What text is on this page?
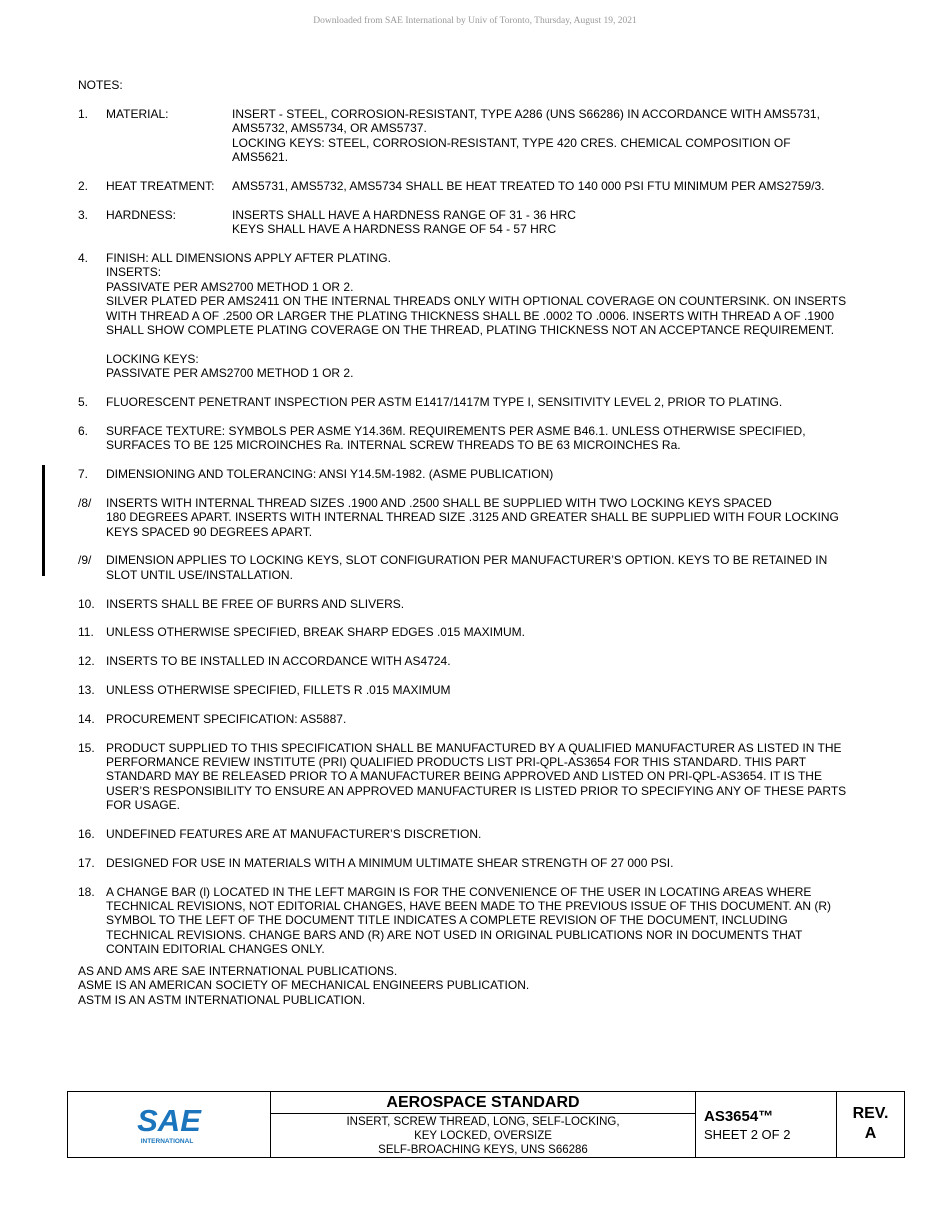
Downloaded from SAE International by Univ of Toronto, Thursday, August 19, 2021
NOTES:
1.	MATERIAL:	INSERT - STEEL, CORROSION-RESISTANT, TYPE A286 (UNS S66286) IN ACCORDANCE WITH AMS5731,
AMS5732, AMS5734, OR AMS5737.
LOCKING KEYS: STEEL, CORROSION-RESISTANT, TYPE 420 CRES. CHEMICAL COMPOSITION OF
AMS5621.
2.	HEAT TREATMENT:	AMS5731, AMS5732, AMS5734 SHALL BE HEAT TREATED TO 140 000 PSI FTU MINIMUM PER AMS2759/3.
3.	HARDNESS:	INSERTS SHALL HAVE A HARDNESS RANGE OF 31 - 36 HRC
KEYS SHALL HAVE A HARDNESS RANGE OF 54 - 57 HRC
4.	FINISH: ALL DIMENSIONS APPLY AFTER PLATING.
INSERTS:
PASSIVATE PER AMS2700 METHOD 1 OR 2.
SILVER PLATED PER AMS2411 ON THE INTERNAL THREADS ONLY WITH OPTIONAL COVERAGE ON COUNTERSINK. ON INSERTS
WITH THREAD A OF .2500 OR LARGER THE PLATING THICKNESS SHALL BE .0002 TO .0006. INSERTS WITH THREAD A OF .1900
SHALL SHOW COMPLETE PLATING COVERAGE ON THE THREAD, PLATING THICKNESS NOT AN ACCEPTANCE REQUIREMENT.
LOCKING KEYS:
PASSIVATE PER AMS2700 METHOD 1 OR 2.
5.	FLUORESCENT PENETRANT INSPECTION PER ASTM E1417/1417M TYPE I, SENSITIVITY LEVEL 2, PRIOR TO PLATING.
6.	SURFACE TEXTURE: SYMBOLS PER ASME Y14.36M. REQUIREMENTS PER ASME B46.1. UNLESS OTHERWISE SPECIFIED,
SURFACES TO BE 125 MICROINCHES Ra. INTERNAL SCREW THREADS TO BE 63 MICROINCHES Ra.
7.	DIMENSIONING AND TOLERANCING: ANSI Y14.5M-1982. (ASME PUBLICATION)
/8/	INSERTS WITH INTERNAL THREAD SIZES .1900 AND .2500 SHALL BE SUPPLIED WITH TWO LOCKING KEYS SPACED
180 DEGREES APART. INSERTS WITH INTERNAL THREAD SIZE .3125 AND GREATER SHALL BE SUPPLIED WITH FOUR LOCKING
KEYS SPACED 90 DEGREES APART.
/9/	DIMENSION APPLIES TO LOCKING KEYS, SLOT CONFIGURATION PER MANUFACTURER’S OPTION. KEYS TO BE RETAINED IN
SLOT UNTIL USE/INSTALLATION.
10. INSERTS SHALL BE FREE OF BURRS AND SLIVERS.
11.	UNLESS OTHERWISE SPECIFIED, BREAK SHARP EDGES .015 MAXIMUM.
12. INSERTS TO BE INSTALLED IN ACCORDANCE WITH AS4724.
13. UNLESS OTHERWISE SPECIFIED, FILLETS R .015 MAXIMUM
14. PROCUREMENT SPECIFICATION: AS5887.
15. PRODUCT SUPPLIED TO THIS SPECIFICATION SHALL BE MANUFACTURED BY A QUALIFIED MANUFACTURER AS LISTED IN THE
PERFORMANCE REVIEW INSTITUTE (PRI) QUALIFIED PRODUCTS LIST PRI-QPL-AS3654 FOR THIS STANDARD. THIS PART
STANDARD MAY BE RELEASED PRIOR TO A MANUFACTURER BEING APPROVED AND LISTED ON PRI-QPL-AS3654. IT IS THE
USER’S RESPONSIBILITY TO ENSURE AN APPROVED MANUFACTURER IS LISTED PRIOR TO SPECIFYING ANY OF THESE PARTS
FOR USAGE.
16. UNDEFINED FEATURES ARE AT MANUFACTURER’S DISCRETION.
17. DESIGNED FOR USE IN MATERIALS WITH A MINIMUM ULTIMATE SHEAR STRENGTH OF 27 000 PSI.
18. A CHANGE BAR (l) LOCATED IN THE LEFT MARGIN IS FOR THE CONVENIENCE OF THE USER IN LOCATING AREAS WHERE
TECHNICAL REVISIONS, NOT EDITORIAL CHANGES, HAVE BEEN MADE TO THE PREVIOUS ISSUE OF THIS DOCUMENT. AN (R)
SYMBOL TO THE LEFT OF THE DOCUMENT TITLE INDICATES A COMPLETE REVISION OF THE DOCUMENT, INCLUDING
TECHNICAL REVISIONS. CHANGE BARS AND (R) ARE NOT USED IN ORIGINAL PUBLICATIONS NOR IN DOCUMENTS THAT
CONTAIN EDITORIAL CHANGES ONLY.
AS AND AMS ARE SAE INTERNATIONAL PUBLICATIONS.
ASME IS AN AMERICAN SOCIETY OF MECHANICAL ENGINEERS PUBLICATION.
ASTM IS AN ASTM INTERNATIONAL PUBLICATION.
SAE
INTERNATIONAL
AEROSPACE STANDARD
INSERT, SCREW THREAD, LONG, SELF-LOCKING,
KEY LOCKED, OVERSIZE
SELF-BROACHING KEYS, UNS S66286
AS3654™
SHEET 2 OF 2
REV.
A
